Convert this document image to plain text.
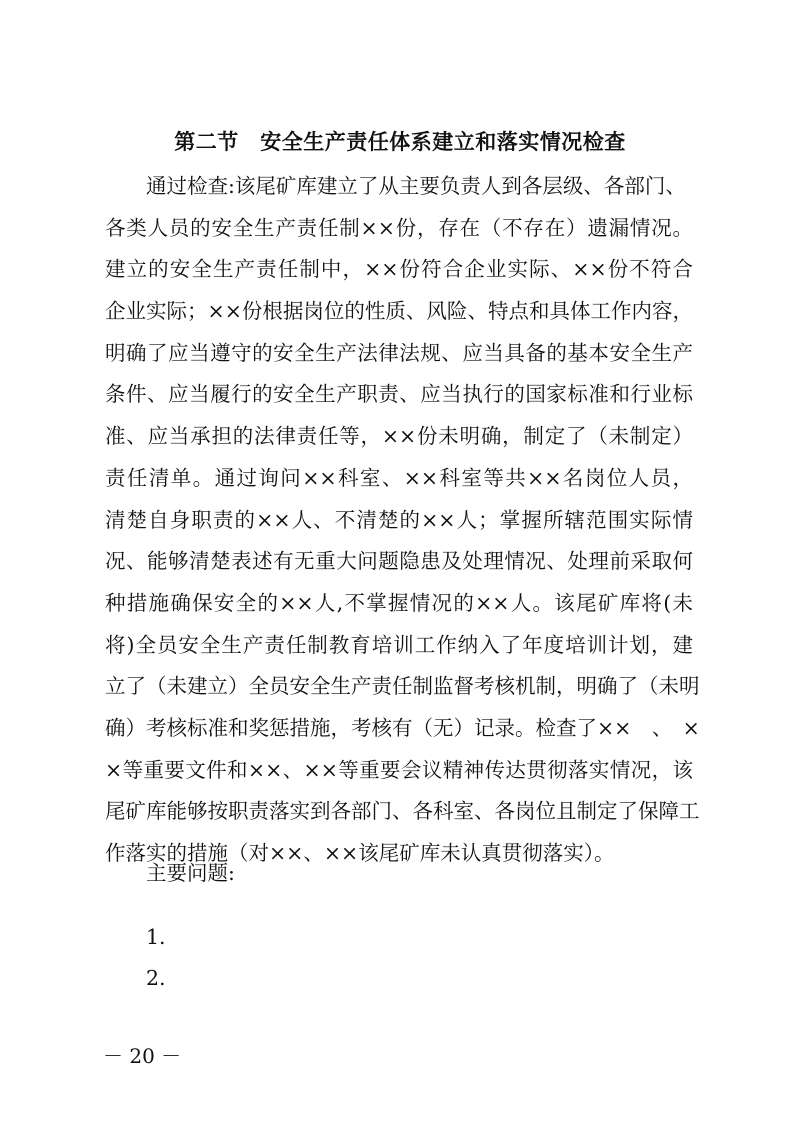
第二节　安全生产责任体系建立和落实情况检查
通过检查:该尾矿库建立了从主要负责人到各层级、各部门、
各类人员的安全生产责任制××份，存在（不存在）遗漏情况。
建立的安全生产责任制中，××份符合企业实际、××份不符合
企业实际；××份根据岗位的性质、风险、特点和具体工作内容，
明确了应当遵守的安全生产法律法规、应当具备的基本安全生产
条件、应当履行的安全生产职责、应当执行的国家标准和行业标
准、应当承担的法律责任等，××份未明确，制定了（未制定）
责任清单。通过询问××科室、××科室等共××名岗位人员，
清楚自身职责的××人、不清楚的××人；掌握所辖范围实际情
况、能够清楚表述有无重大问题隐患及处理情况、处理前采取何
种措施确保安全的××人,不掌握情况的××人。该尾矿库将(未
将)全员安全生产责任制教育培训工作纳入了年度培训计划，建
立了（未建立）全员安全生产责任制监督考核机制，明确了（未明
确）考核标准和奖惩措施，考核有（无）记录。检查了××　、　×
×等重要文件和××、××等重要会议精神传达贯彻落实情况，该
尾矿库能够按职责落实到各部门、各科室、各岗位且制定了保障工
作落实的措施（对××、××该尾矿库未认真贯彻落实）。
主要问题:
1.
2.
－ 20 －
